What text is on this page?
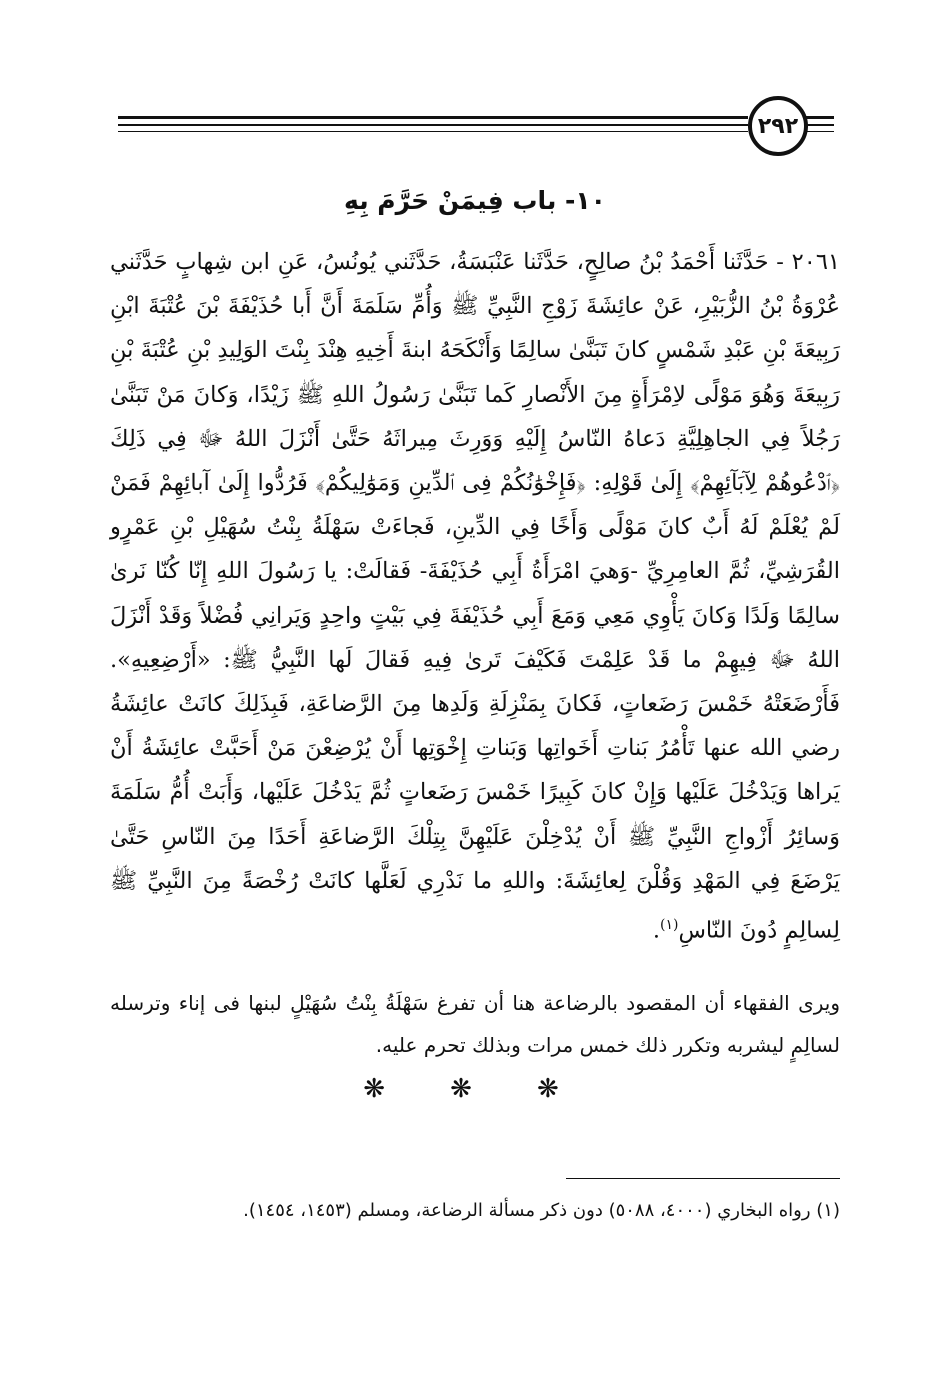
٢٩٢
١٠- باب فِيمَنْ حَرَّمَ بِهِ

٢٠٦١ - حَدَّثَنا أَحْمَدُ بْنُ صالِحٍ، حَدَّثَنا عَنْبَسَةُ، حَدَّثَني يُونُسُ، عَنِ ابن شِهابٍ حَدَّثَني عُرْوَةُ بْنُ الزُّبَيْرِ، عَنْ عائِشَةَ زَوْجِ النَّبِيِّ ﷺ وَأُمِّ سَلَمَةَ أَنَّ أَبا حُذَيْفَةَ بْنَ عُتْبَةَ ابْنِ رَبِيعَةَ بْنِ عَبْدِ شَمْسٍ كانَ تَبَنَّىٰ سالِمًا وَأَنْكَحَهُ ابنةَ أَخِيهِ هِنْدَ بِنْتَ الوَلِيدِ بْنِ عُتْبَةَ بْنِ رَبِيعَةَ وَهُوَ مَوْلًى لاِمْرَأَةٍ مِنَ الأَنْصارِ كَما تَبَنَّىٰ رَسُولُ اللهِ ﷺ زَيْدًا، وَكانَ مَنْ تَبَنَّىٰ رَجُلاً فِي الجاهِلِيَّةِ دَعاهُ النّاسُ إِلَيْهِ وَوَرِثَ مِيراثَهُ حَتَّىٰ أَنْزَلَ اللهُ ﷻ فِي ذَلِكَ ﴿ٱدْعُوهُمْ لِآبَآئِهِمْ﴾ إِلَىٰ قَوْلِهِ: ﴿فَإِخْوَٰنُكُمْ فِى ٱلدِّينِ وَمَوَٰلِيكُمْ﴾ فَرُدُّوا إِلَىٰ آبائِهِمْ فَمَنْ لَمْ يُعْلَمْ لَهُ أَبٌ كانَ مَوْلًى وَأَخًا فِي الدِّينِ، فَجاءَتْ سَهْلَةُ بِنْتُ سُهَيْلِ بْنِ عَمْرٍو القُرَشِيِّ، ثُمَّ العامِرِيِّ -وَهيَ امْرَأَةُ أَبِي حُذَيْفَةَ- فَقالَتْ: يا رَسُولَ اللهِ إِنّا كُنّا نَرىٰ سالِمًا وَلَدًا وَكانَ يَأْوِي مَعِي وَمَعَ أَبِي حُذَيْفَةَ فِي بَيْتٍ واحِدٍ وَيَرانِي فُضْلاً وَقَدْ أَنْزَلَ اللهُ ﷻ فِيهِمْ ما قَدْ عَلِمْتَ فَكَيْفَ تَرىٰ فِيهِ فَقالَ لَها النَّبِيُّ ﷺ: «أَرْضِعِيهِ». فَأَرْضَعَتْهُ خَمْسَ رَضَعاتٍ، فَكانَ بِمَنْزِلَةِ وَلَدِها مِنَ الرَّضاعَةِ، فَبِذَلِكَ كانَتْ عائِشَةُ رضي الله عنها تَأْمُرُ بَناتِ أَخَواتِها وَبَناتِ إِخْوَتِها أَنْ يُرْضِعْنَ مَنْ أَحَبَّتْ عائِشَةُ أَنْ يَراها وَيَدْخُلَ عَلَيْها وَإِنْ كانَ كَبِيرًا خَمْسَ رَضَعاتٍ ثُمَّ يَدْخُلَ عَلَيْها، وَأَبَتْ أُمُّ سَلَمَةَ وَسائِرُ أَزْواجِ النَّبِيِّ ﷺ أَنْ يُدْخِلْنَ عَلَيْهِنَّ بِتِلْكَ الرَّضاعَةِ أَحَدًا مِنَ النّاسِ حَتَّىٰ يَرْضَعَ فِي المَهْدِ وَقُلْنَ لِعائِشَةَ: واللهِ ما نَدْرِي لَعَلَّها كانَتْ رُخْصَةً مِنَ النَّبِيِّ ﷺ لِسالِمٍ دُونَ النّاسِ$^{(١)}$.

ويرى الفقهاء أن المقصود بالرضاعة هنا أن تفرغ سَهْلَةُ بِنْتُ سُهَيْلٍ لبنها فى إناء وترسله لسالِمٍ ليشربه وتكرر ذلك خمس مرات وبذلك تحرم عليه.

❋ ❋ ❋

(١) رواه البخاري (٤٠٠٠، ٥٠٨٨) دون ذكر مسألة الرضاعة، ومسلم (١٤٥٣، ١٤٥٤).
